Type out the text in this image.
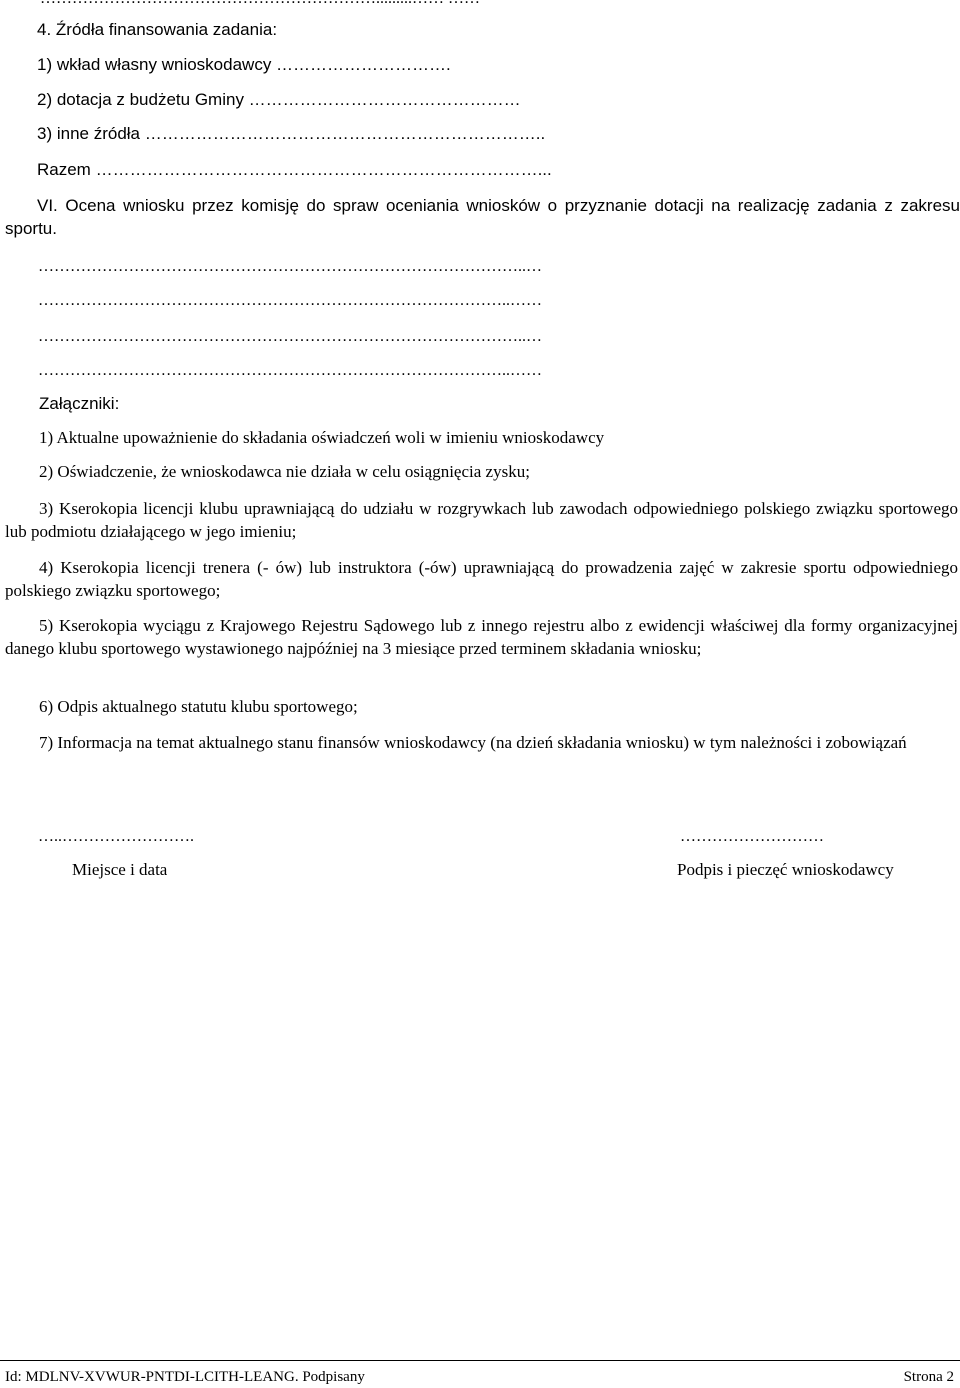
4. Źródła finansowania zadania:
1) wkład własny wnioskodawcy ………………………….
2) dotacja z budżetu Gminy …………………………………………
3) inne źródła ……………………………………………………………..
Razem ……………………………………………………………………...
VI. Ocena wniosku przez komisję do spraw oceniania wniosków o przyznanie dotacji na realizację zadania z zakresu sportu.
………………………………………………………………………………..…
……………………………………………………………………………..……
………………………………………………………………………………..…
……………………………………………………………………………..……
Załączniki:
1) Aktualne upoważnienie do składania oświadczeń woli w imieniu wnioskodawcy
2) Oświadczenie, że wnioskodawca nie działa w celu osiągnięcia zysku;
3) Kserokopia licencji klubu uprawniającą do udziału w rozgrywkach lub zawodach odpowiedniego polskiego związku sportowego lub podmiotu działającego w jego imieniu;
4) Kserokopia licencji trenera (- ów) lub instruktora (-ów) uprawniającą do prowadzenia zajęć w zakresie sportu odpowiedniego polskiego związku sportowego;
5) Kserokopia wyciągu z Krajowego Rejestru Sądowego lub z innego rejestru albo z ewidencji właściwej dla formy organizacyjnej danego klubu sportowego wystawionego najpóźniej na 3 miesiące przed terminem składania wniosku;
6) Odpis aktualnego statutu klubu sportowego;
7) Informacja na temat aktualnego stanu finansów wnioskodawcy (na dzień składania wniosku) w tym należności i zobowiązań
…..…………………….
Miejsce i data
………………………
Podpis i pieczęć wnioskodawcy
Id: MDLNV-XVWUR-PNTDI-LCITH-LEANG. Podpisany	Strona 2
